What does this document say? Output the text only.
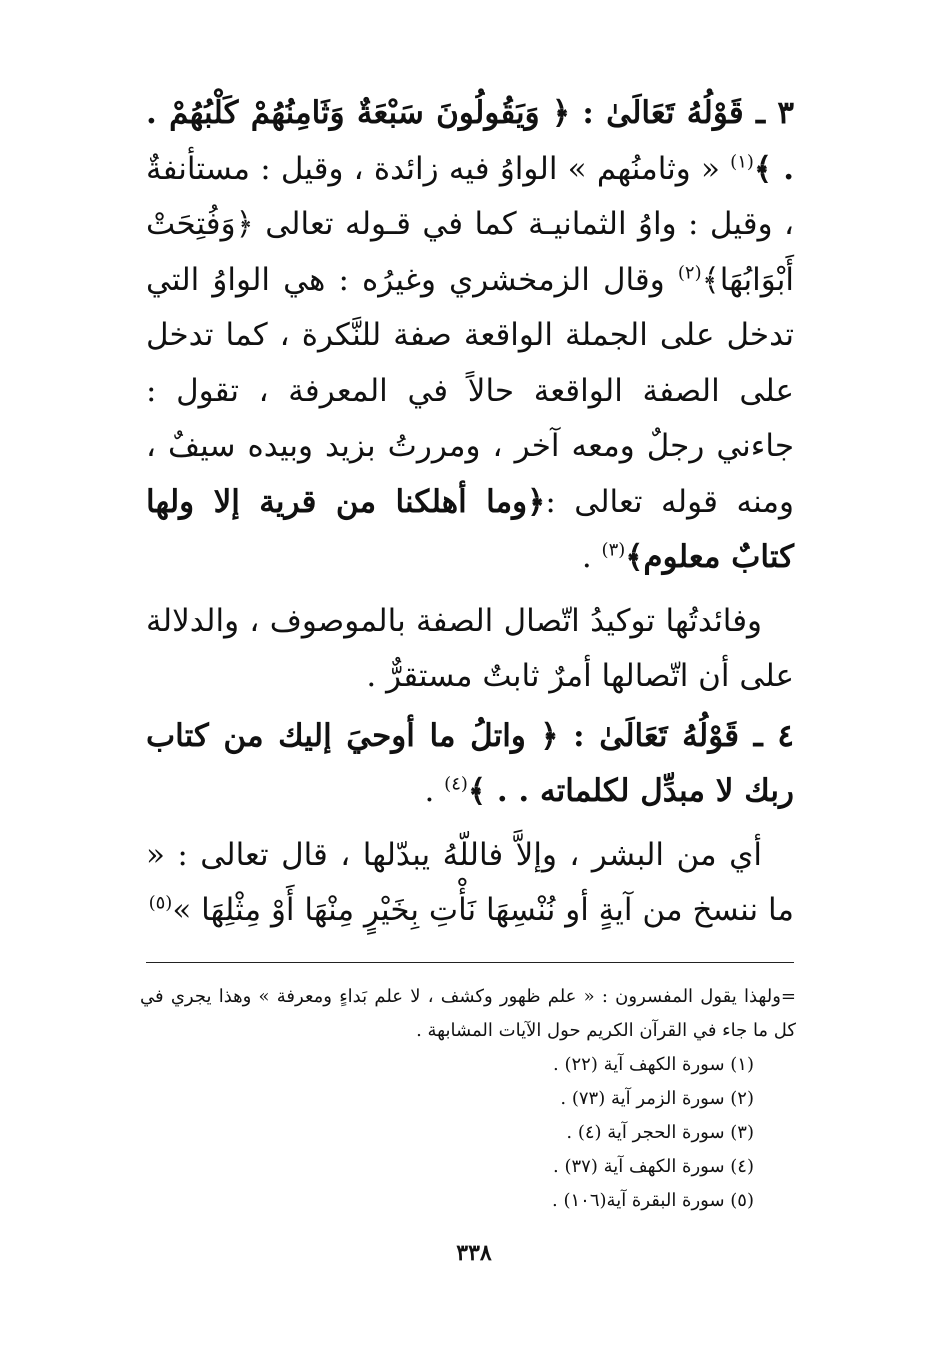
٣ ـ قَوْلُهُ تَعَالَىٰ : ﴿ وَيَقُولُونَ سَبْعَةٌ وَثَامِنُهُمْ كَلْبُهُمْ . . ﴾$^{(١)}$ « وثامنُهم » الواوُ فيه زائدة ، وقيل : مستأنفةٌ ، وقيل : واوُ الثمانيـة كما في قـوله تعالى ﴿وَفُتِحَتْ أَبْوَابُهَا﴾$^{(٢)}$ وقال الزمخشري وغيرُه : هي الواوُ التي تدخل على الجملة الواقعة صفة للنَّكرة ، كما تدخل على الصفة الواقعة حالاً في المعرفة ، تقول : جاءني رجلٌ ومعه آخر ، ومررتُ بزيد وبيده سيفٌ ، ومنه قوله تعالى :﴿وما أهلكنا من قرية إلا ولها كتابٌ معلوم﴾$^{(٣)}$ .

وفائدتُها توكيدُ اتّصال الصفة بالموصوف ، والدلالة على أن اتّصالها أمرٌ ثابتٌ مستقرٌّ .

٤ ـ قَوْلُهُ تَعَالَىٰ : ﴿ واتلُ ما أوحيَ إليك من كتاب ربك لا مبدِّل لكلماته . . ﴾$^{(٤)}$ .

أي من البشر ، وإلاَّ فاللّهُ يبدّلها ، قال تعالى : « ما ننسخ من آيةٍ أو نُنْسِهَا نَأْتِ بِخَيْرٍ مِنْهَا أَوْ مِثْلِهَا »$^{(٥)}$

=ولهذا يقول المفسرون : « علم ظهور وكشف ، لا علم بَداءٍ ومعرفة » وهذا يجري في كل ما جاء في القرآن الكريم حول الآيات المشابهة .

(١) سورة الكهف آية (٢٢) .

(٢) سورة الزمر آية (٧٣) .

(٣) سورة الحجر آية (٤) .

(٤) سورة الكهف آية (٣٧) .

(٥) سورة البقرة آية(١٠٦) .

٣٣٨
